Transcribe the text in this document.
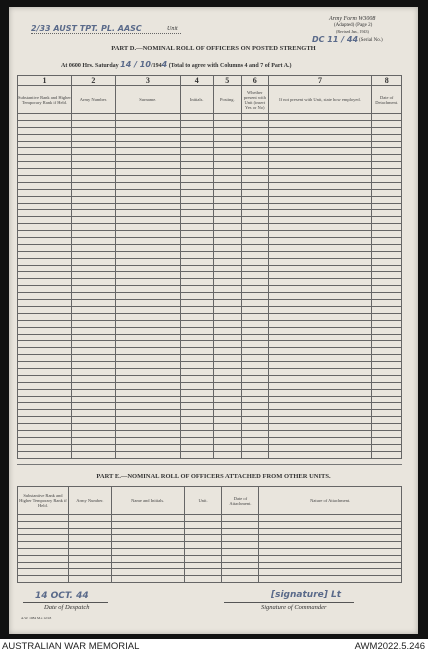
2/33 AUST TPT. PL. AASC	Unit
Army Form W3008
(Adapted) (Page 2)
(Revised Jan., 1943)
DC 11 / 44 (Serial No.)
PART D.—NOMINAL ROLL OF OFFICERS ON POSTED STRENGTH
At 0600 Hrs. Saturday 14 / 10/1944 (Total to agree with Columns 4 and 7 of Part A.)
1	2	3	4	5	6	7	8
Substantive Rank and Higher Temporary Rank if Held.	Army Number.	Surname.	Initials.	Posting.	Whether present with Unit (insert Yes or No)	If not present with Unit, state how employed.	Date of Detachment.

PART E.—NOMINAL ROLL OF OFFICERS ATTACHED FROM OTHER UNITS.
Substantive Rank and Higher Temporary Rank if Held.	Army Number.	Name and Initials.	Unit.	Date of Attachment.	Nature of Attachment.

14 OCT. 44
Date of Despatch
A.W. 1084 M.s 12/43
[signature] Lt
Signature of Commander
AUSTRALIAN WAR MEMORIAL	AWM2022.5.246
